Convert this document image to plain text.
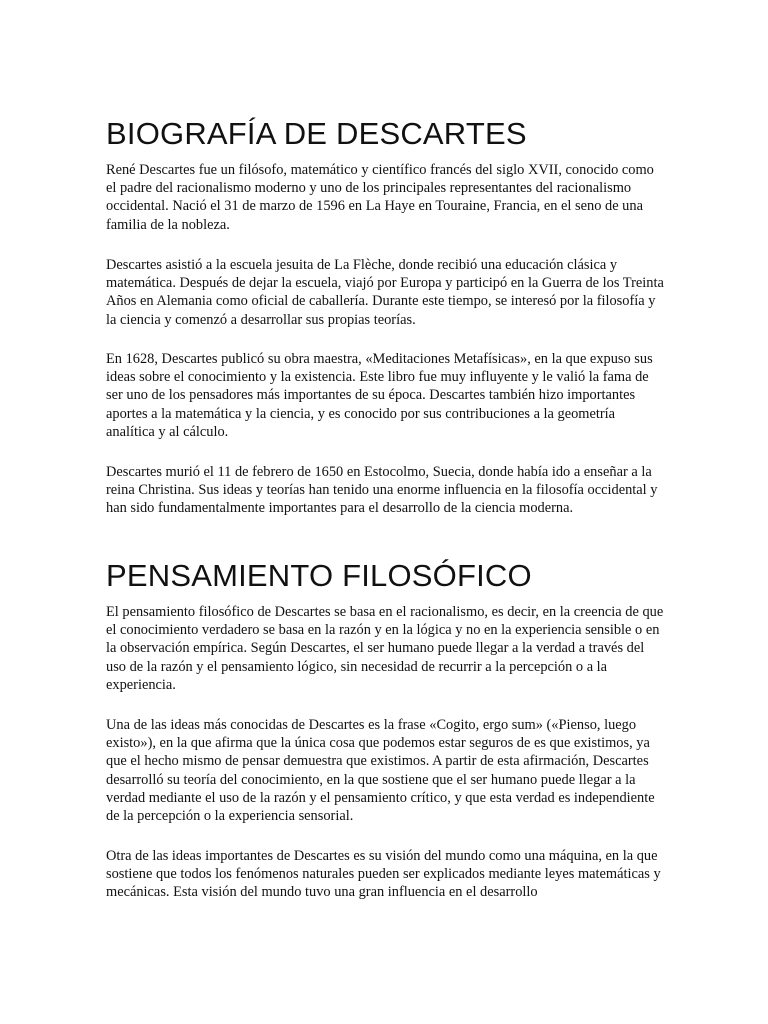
BIOGRAFÍA DE DESCARTES

René Descartes fue un filósofo, matemático y científico francés del siglo XVII, conocido como el padre del racionalismo moderno y uno de los principales representantes del racionalismo occidental. Nació el 31 de marzo de 1596 en La Haye en Touraine, Francia, en el seno de una familia de la nobleza.

Descartes asistió a la escuela jesuita de La Flèche, donde recibió una educación clásica y matemática. Después de dejar la escuela, viajó por Europa y participó en la Guerra de los Treinta Años en Alemania como oficial de caballería. Durante este tiempo, se interesó por la filosofía y la ciencia y comenzó a desarrollar sus propias teorías.

En 1628, Descartes publicó su obra maestra, «Meditaciones Metafísicas», en la que expuso sus ideas sobre el conocimiento y la existencia. Este libro fue muy influyente y le valió la fama de ser uno de los pensadores más importantes de su época. Descartes también hizo importantes aportes a la matemática y la ciencia, y es conocido por sus contribuciones a la geometría analítica y al cálculo.

Descartes murió el 11 de febrero de 1650 en Estocolmo, Suecia, donde había ido a enseñar a la reina Christina. Sus ideas y teorías han tenido una enorme influencia en la filosofía occidental y han sido fundamentalmente importantes para el desarrollo de la ciencia moderna.

PENSAMIENTO FILOSÓFICO

El pensamiento filosófico de Descartes se basa en el racionalismo, es decir, en la creencia de que el conocimiento verdadero se basa en la razón y en la lógica y no en la experiencia sensible o en la observación empírica. Según Descartes, el ser humano puede llegar a la verdad a través del uso de la razón y el pensamiento lógico, sin necesidad de recurrir a la percepción o a la experiencia.

Una de las ideas más conocidas de Descartes es la frase «Cogito, ergo sum» («Pienso, luego existo»), en la que afirma que la única cosa que podemos estar seguros de es que existimos, ya que el hecho mismo de pensar demuestra que existimos. A partir de esta afirmación, Descartes desarrolló su teoría del conocimiento, en la que sostiene que el ser humano puede llegar a la verdad mediante el uso de la razón y el pensamiento crítico, y que esta verdad es independiente de la percepción o la experiencia sensorial.

Otra de las ideas importantes de Descartes es su visión del mundo como una máquina, en la que sostiene que todos los fenómenos naturales pueden ser explicados mediante leyes matemáticas y mecánicas. Esta visión del mundo tuvo una gran influencia en el desarrollo
